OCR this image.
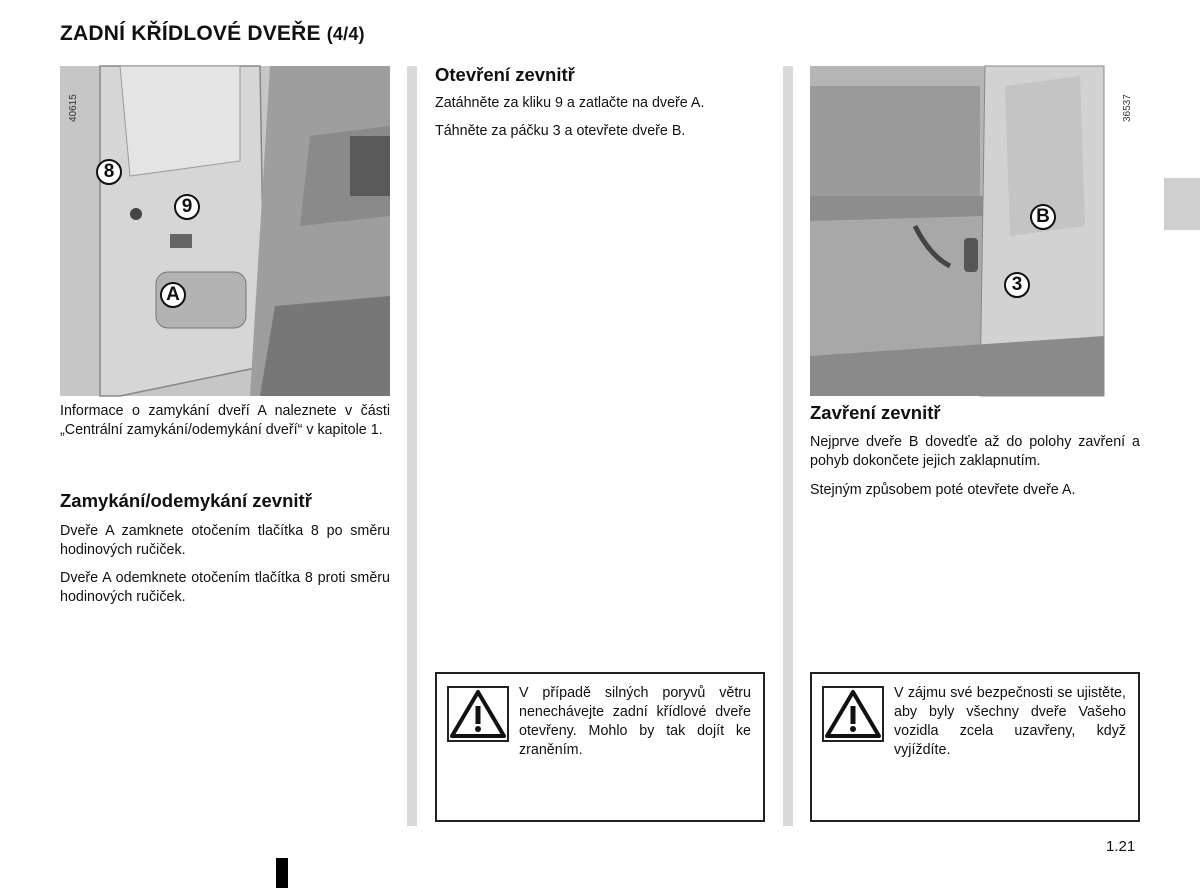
ZADNÍ KŘÍDLOVÉ DVEŘE (4/4)
40615
8
9
A
Informace o zamykání dveří A naleznete v části „Centrální zamykání/odemykání dveří“ v kapitole 1.
Zamykání/odemykání zevnitř
Dveře A zamknete otočením tlačítka 8 po směru hodinových ručiček.
Dveře A odemknete otočením tlačítka 8 proti směru hodinových ručiček.
Otevření zevnitř
Zatáhněte za kliku 9 a zatlačte na dveře A.
Táhněte za páčku 3 a otevřete dveře B.
V případě silných poryvů větru nenechávejte zadní křídlové dveře otevřeny. Mohlo by tak dojít ke zraněním.
36537
B
3
Zavření zevnitř
Nejprve dveře B dovedťe až do polohy zavření a pohyb dokončete jejich zaklapnutím.
Stejným způsobem poté otevřete dveře A.
V zájmu své bezpečnosti se ujistěte, aby byly všechny dveře Vašeho vozidla zcela uzavřeny, když vyjíždíte.
1.21
